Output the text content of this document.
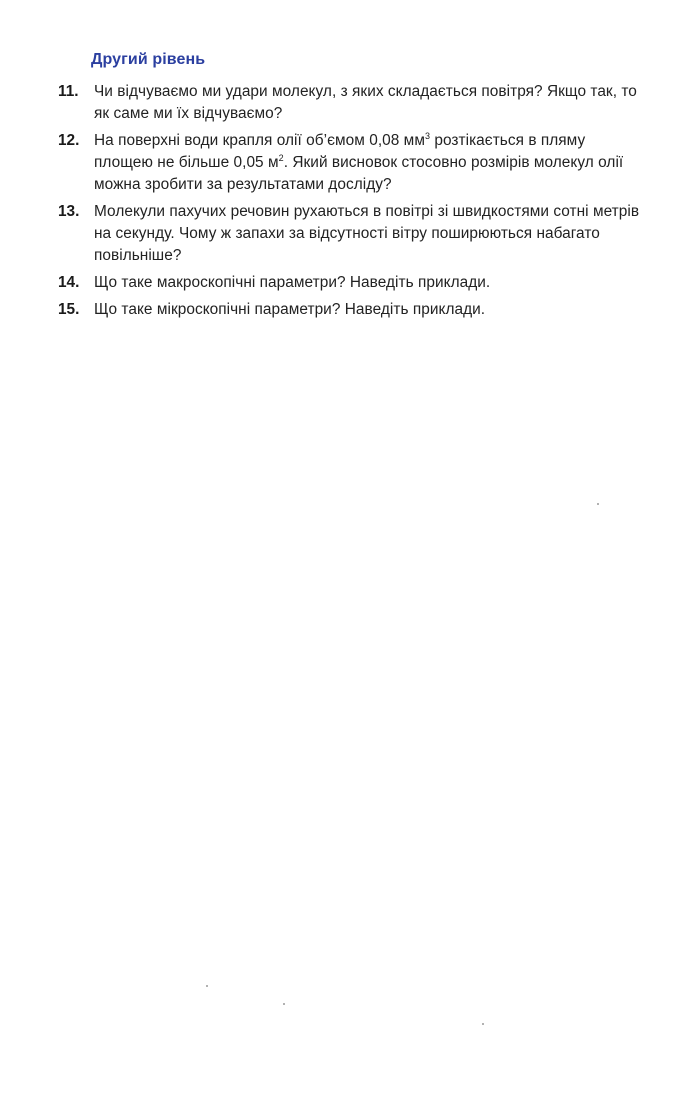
Другий рівень
11.	Чи відчуваємо ми удари молекул, з яких складається повітря? Якщо так, то як саме ми їх відчуваємо?
12. На поверхні води крапля олії об’ємом 0,08 $мм^3$ розтікається в пляму площею не більше 0,05 $м^2$. Який висновок стосовно розмірів молекул олії можна зробити за результатами досліду?
13. Молекули пахучих речовин рухаються в повітрі зі швидкостями сотні метрів на секунду. Чому ж запахи за відсутності вітру поширюються набагато повільніше?
14. Що таке макроскопічні параметри? Наведіть приклади.
15. Що таке мікроскопічні параметри? Наведіть приклади.
